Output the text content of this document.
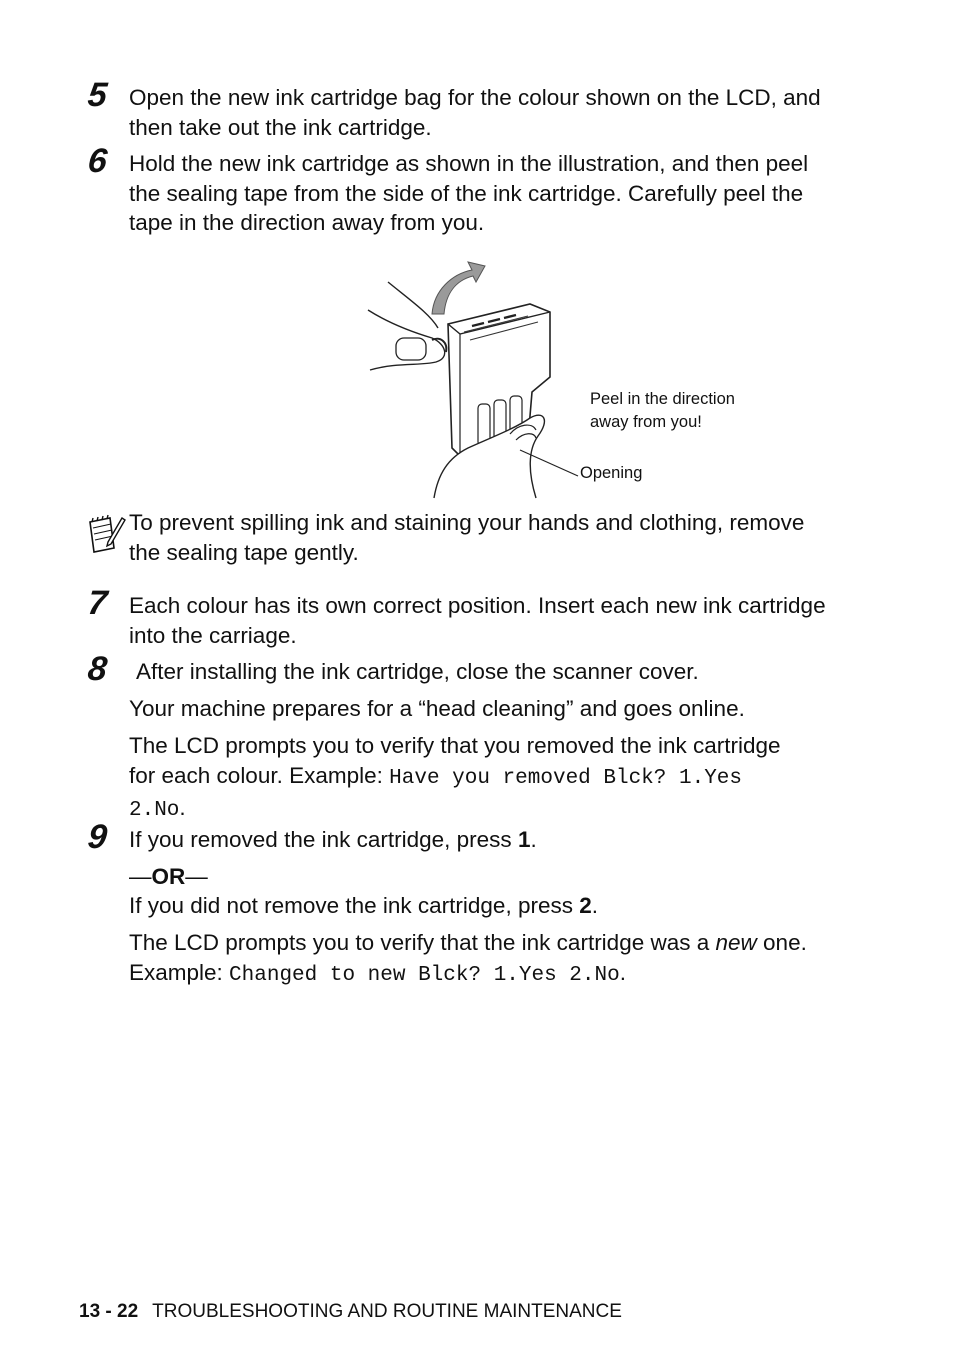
5 Open the new ink cartridge bag for the colour shown on the LCD, and then take out the ink cartridge.
6 Hold the new ink cartridge as shown in the illustration, and then peel the sealing tape from the side of the ink cartridge. Carefully peel the tape in the direction away from you.
Peel in the direction
away from you!
Opening
To prevent spilling ink and staining your hands and clothing, remove the sealing tape gently.
7 Each colour has its own correct position. Insert each new ink cartridge into the carriage.
8 After installing the ink cartridge, close the scanner cover.
Your machine prepares for a “head cleaning” and goes online.
The LCD prompts you to verify that you removed the ink cartridge for each colour. Example: Have you removed Blck? 1.Yes 2.No.
9 If you removed the ink cartridge, press 1.
—OR—
If you did not remove the ink cartridge, press 2.
The LCD prompts you to verify that the ink cartridge was a new one. Example: Changed to new Blck? 1.Yes 2.No.
13 - 22 TROUBLESHOOTING AND ROUTINE MAINTENANCE
